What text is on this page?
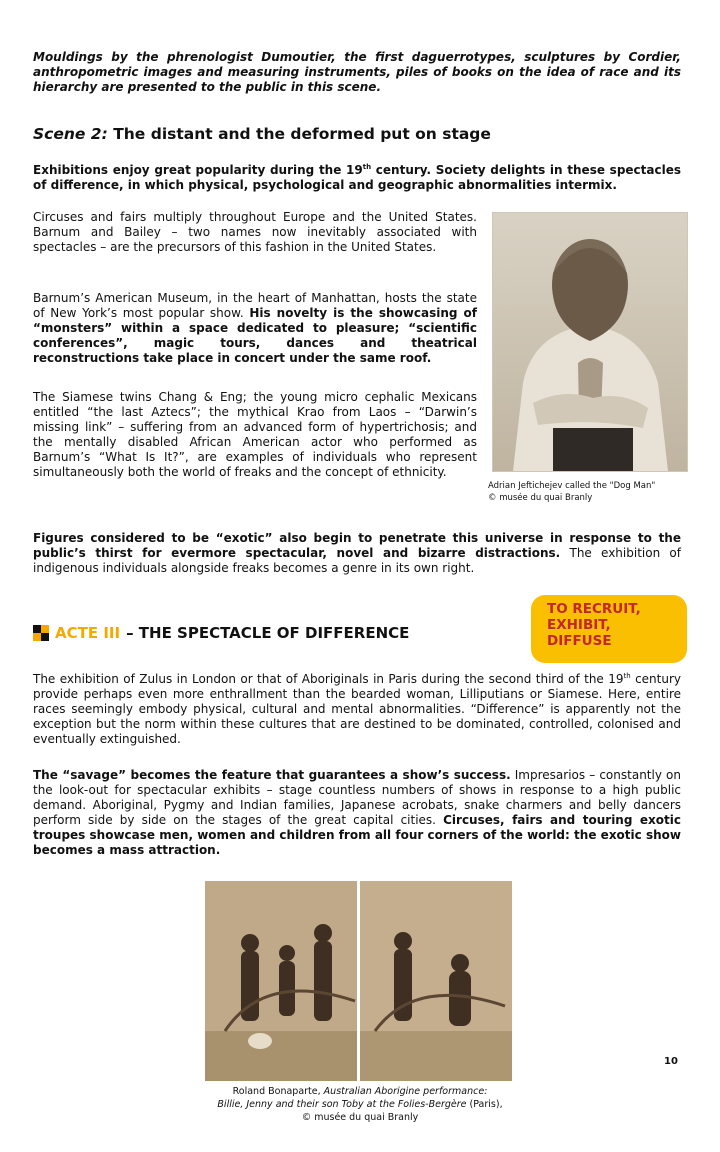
Mouldings by the phrenologist Dumoutier, the first daguerrotypes, sculptures by Cordier, anthropometric images and measuring instruments, piles of books on the idea of race and its hierarchy are presented to the public in this scene.
Scene 2: The distant and the deformed put on stage
Exhibitions enjoy great popularity during the 19th century. Society delights in these spectacles of difference, in which physical, psychological and geographic abnormalities intermix.
Circuses and fairs multiply throughout Europe and the United States. Barnum and Bailey – two names now inevitably associated with spectacles – are the precursors of this fashion in the United States.
Barnum’s American Museum, in the heart of Manhattan, hosts the state of New York’s most popular show. His novelty is the showcasing of “monsters” within a space dedicated to pleasure; “scientific conferences”, magic tours, dances and theatrical reconstructions take place in concert under the same roof.
The Siamese twins Chang & Eng; the young micro cephalic Mexicans entitled “the last Aztecs”; the mythical Krao from Laos – “Darwin’s missing link” – suffering from an advanced form of hypertrichosis; and the mentally disabled African American actor who performed as Barnum’s “What Is It?”, are examples of individuals who represent simultaneously both the world of freaks and the concept of ethnicity.
Adrian Jeftichejev called the "Dog Man"
© musée du quai Branly
Figures considered to be “exotic” also begin to penetrate this universe in response to the public’s thirst for evermore spectacular, novel and bizarre distractions. The exhibition of indigenous individuals alongside freaks becomes a genre in its own right.
ACTE III – THE SPECTACLE OF DIFFERENCE
TO RECRUIT,
EXHIBIT,
DIFFUSE
The exhibition of Zulus in London or that of Aboriginals in Paris during the second third of the 19th century provide perhaps even more enthrallment than the bearded woman, Lilliputians or Siamese. Here, entire races seemingly embody physical, cultural and mental abnormalities. “Difference” is apparently not the exception but the norm within these cultures that are destined to be dominated, controlled, colonised and eventually extinguished.
The “savage” becomes the feature that guarantees a show’s success. Impresarios – constantly on the look-out for spectacular exhibits – stage countless numbers of shows in response to a high public demand. Aboriginal, Pygmy and Indian families, Japanese acrobats, snake charmers and belly dancers perform side by side on the stages of the great capital cities. Circuses, fairs and touring exotic troupes showcase men, women and children from all four corners of the world: the exotic show becomes a mass attraction.
Roland Bonaparte, Australian Aborigine performance:
Billie, Jenny and their son Toby at the Folies-Bergère (Paris),
© musée du quai Branly
10
